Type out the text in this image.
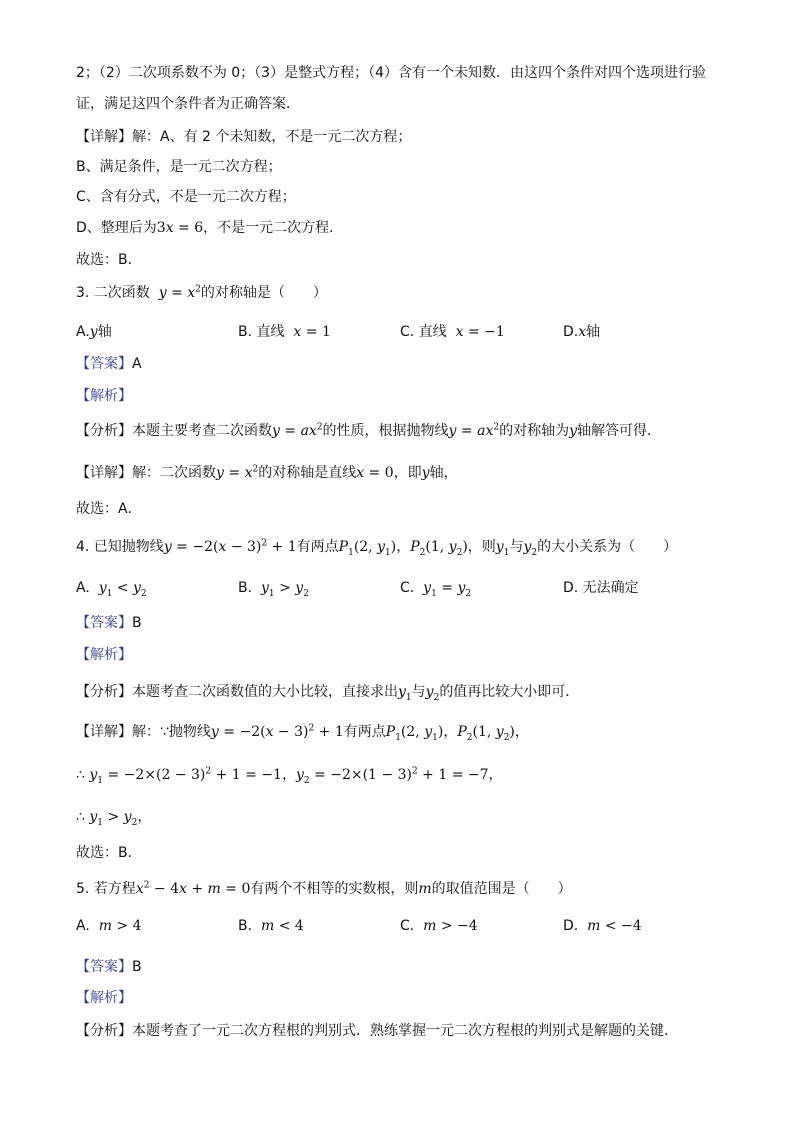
2；（2）二次项系数不为 0；（3）是整式方程；（4）含有一个未知数．由这四个条件对四个选项进行验
证，满足这四个条件者为正确答案．
【详解】解：A、有 2 个未知数，不是一元二次方程；
B、满足条件，是一元二次方程；
C、含有分式，不是一元二次方程；
D、整理后为3x = 6，不是一元二次方程．
故选：B．
3. 二次函数 $y = x^2$的对称轴是（　　）
A.y轴	B. 直线 x = 1	C. 直线 x = −1	D.x轴
【答案】A
【解析】
【分析】本题主要考查二次函数$y = ax^2$的性质，根据抛物线$y = ax^2$的对称轴为y轴解答可得．
【详解】解：二次函数$y = x^2$的对称轴是直线x = 0，即y轴，
故选：A．
4. 已知抛物线$y = -2(x - 3)^2 + 1$有两点$P_1(2$, $y_1$)，$P_2(1$, $y_2$)，则$y_1$与$y_2$的大小关系为（　　）
A. $y_1 < y_2$	B. $y_1 > y_2$	C. $y_1 = y_2$	D. 无法确定
【答案】B
【解析】
【分析】本题考查二次函数值的大小比较，直接求出$y_1$与$y_2$的值再比较大小即可．
【详解】解：∵抛物线$y = -2(x - 3)^2 + 1$有两点$P_1(2$, $y_1$)，$P_2(1$, $y_2$)，
∴ $y_1 = -2\times(2 - 3)^2 + 1 = -1$，$y_2 = -2\times(1 - 3)^2 + 1 = -7$，
∴ $y_1 > y_2$，
故选：B．
5. 若方程$x^2 - 4x + m = 0$有两个不相等的实数根，则m的取值范围是（　　）
A. m > 4	B. m < 4	C. m > −4	D. m < −4
【答案】B
【解析】
【分析】本题考查了一元二次方程根的判别式．熟练掌握一元二次方程根的判别式是解题的关键．
